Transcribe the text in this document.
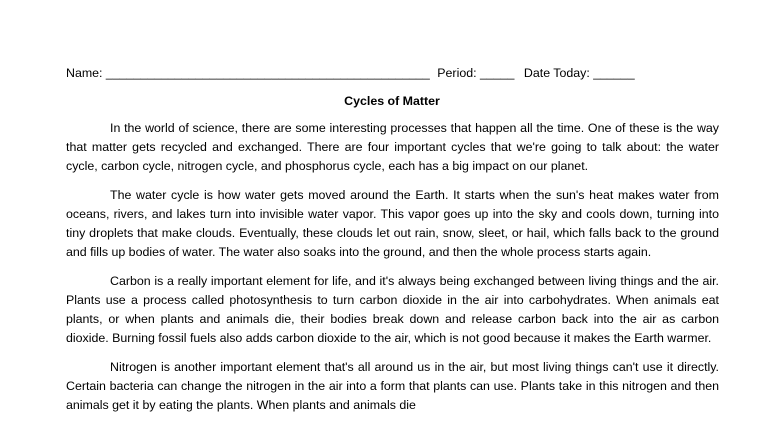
Name: _______________________________________________ Period: _____ Date Today: ______
Cycles of Matter

In the world of science, there are some interesting processes that happen all the time. One of these is the way that matter gets recycled and exchanged. There are four important cycles that we're going to talk about: the water cycle, carbon cycle, nitrogen cycle, and phosphorus cycle, each has a big impact on our planet.

The water cycle is how water gets moved around the Earth. It starts when the sun's heat makes water from oceans, rivers, and lakes turn into invisible water vapor. This vapor goes up into the sky and cools down, turning into tiny droplets that make clouds. Eventually, these clouds let out rain, snow, sleet, or hail, which falls back to the ground and fills up bodies of water. The water also soaks into the ground, and then the whole process starts again.

Carbon is a really important element for life, and it's always being exchanged between living things and the air. Plants use a process called photosynthesis to turn carbon dioxide in the air into carbohydrates. When animals eat plants, or when plants and animals die, their bodies break down and release carbon back into the air as carbon dioxide. Burning fossil fuels also adds carbon dioxide to the air, which is not good because it makes the Earth warmer.

Nitrogen is another important element that's all around us in the air, but most living things can't use it directly. Certain bacteria can change the nitrogen in the air into a form that plants can use. Plants take in this nitrogen and then animals get it by eating the plants. When plants and animals die
